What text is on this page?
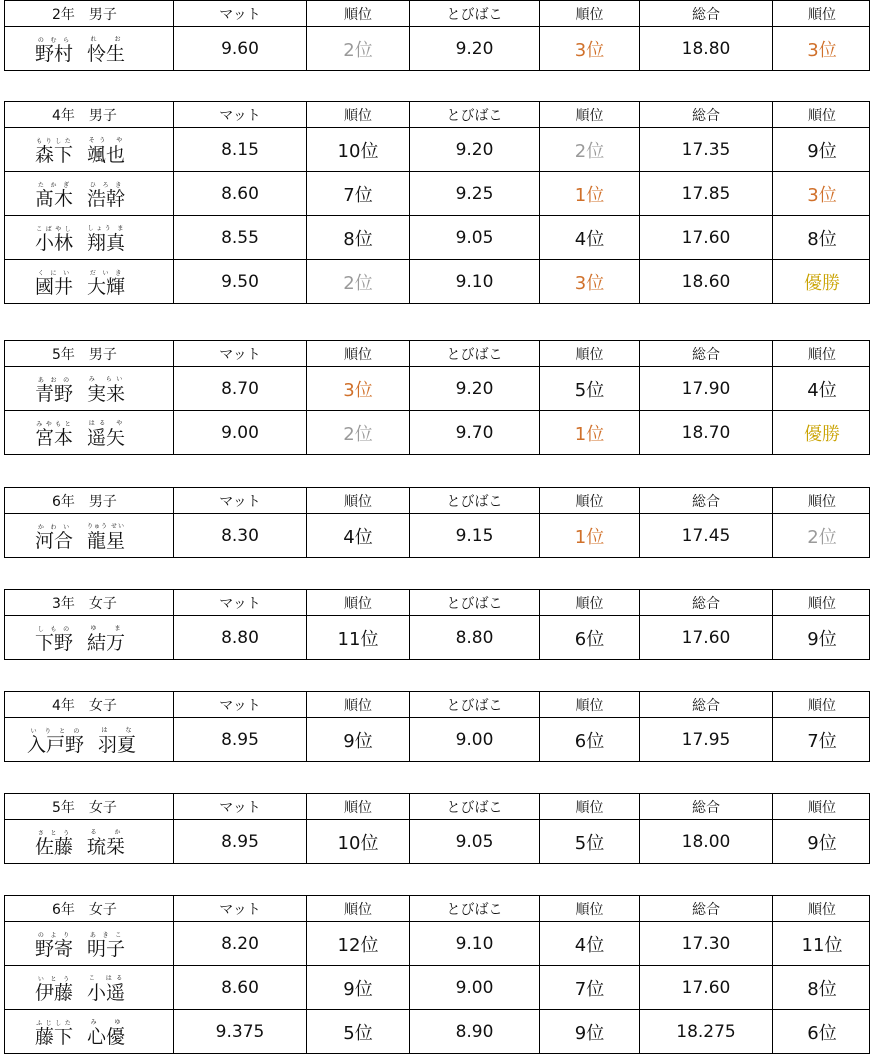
2年　男子	マット	順位	とびばこ	順位	総合	順位
野村のむら
怜生れ お	9.60	2位	9.20	3位	18.80	3位
4年　男子	マット	順位	とびばこ	順位	総合	順位
森下もりした
颯也そう や	8.15	10位	9.20	2位	17.35	9位
髙木たかぎ
浩幹ひろき	8.60	7位	9.25	1位	17.85	3位
小林こばやし
翔真しょう ま	8.55	8位	9.05	4位	17.60	8位
國井くにい
大輝だいき	9.50	2位	9.10	3位	18.60	優勝
5年　男子	マット	順位	とびばこ	順位	総合	順位
青野あおの
実来み らい	8.70	3位	9.20	5位	17.90	4位
宮本みやもと
遥矢はる や	9.00	2位	9.70	1位	18.70	優勝
6年　男子	マット	順位	とびばこ	順位	総合	順位
河合かわい
龍星りゅう せい	8.30	4位	9.15	1位	17.45	2位
3年　女子	マット	順位	とびばこ	順位	総合	順位
下野しもの
結万ゆ ま	8.80	11位	8.80	6位	17.60	9位
4年　女子	マット	順位	とびばこ	順位	総合	順位
入戸野いりとの
羽夏は な	8.95	9位	9.00	6位	17.95	7位
5年　女子	マット	順位	とびばこ	順位	総合	順位
佐藤さとう
琉栞る か	8.95	10位	9.05	5位	18.00	9位
6年　女子	マット	順位	とびばこ	順位	総合	順位
野寄のより
明子あきこ	8.20	12位	9.10	4位	17.30	11位
伊藤いとう
小遥こ はる	8.60	9位	9.00	7位	17.60	8位
藤下ふじした
心優み ゆ	9.375	5位	8.90	9位	18.275	6位
